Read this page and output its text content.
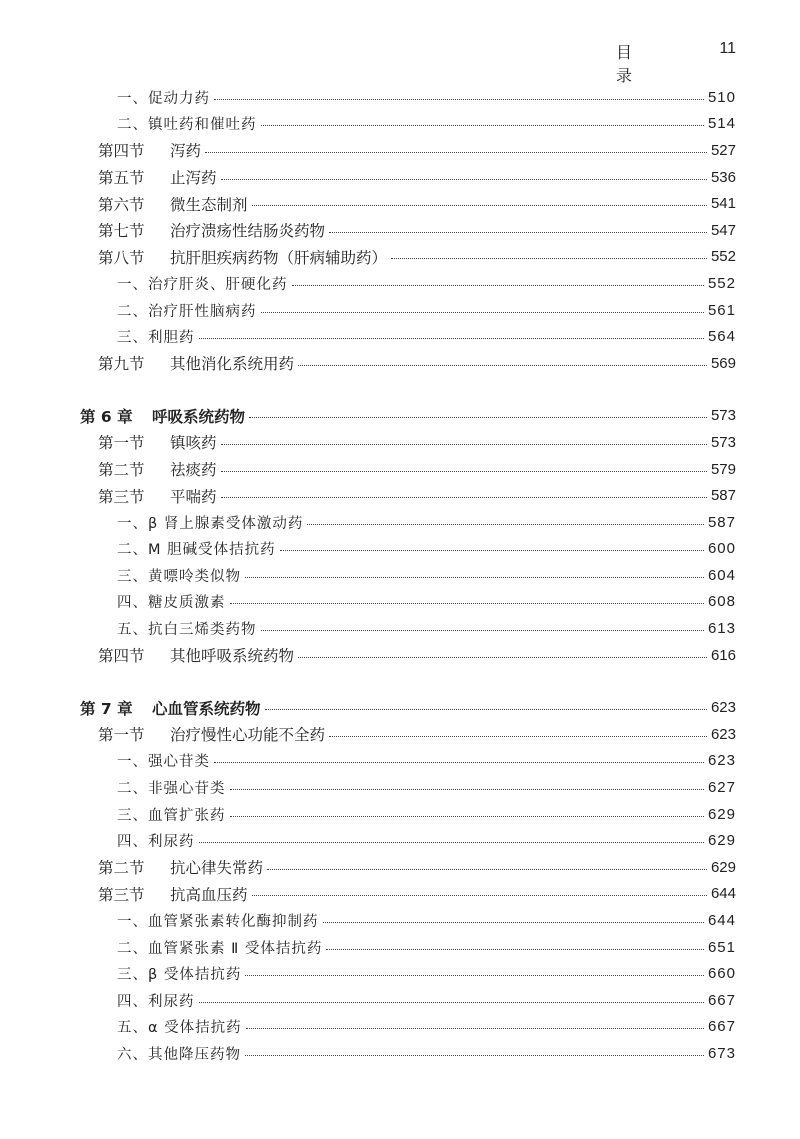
目 录
11
一、 促动力药	510
二、 镇吐药和催吐药	514
第四节	泻药	527
第五节	止泻药	536
第六节	微生态制剂	541
第七节	治疗溃疡性结肠炎药物	547
第八节	抗肝胆疾病药物（肝病辅助药）	552
一、 治疗肝炎、肝硬化药	552
二、 治疗肝性脑病药	561
三、 利胆药	564
第九节	其他消化系统用药	569
第 6 章	呼吸系统药物	573
第一节	镇咳药	573
第二节	祛痰药	579
第三节	平喘药	587
一、 β 肾上腺素受体激动药	587
二、 M 胆碱受体拮抗药	600
三、 黄嘌呤类似物	604
四、 糖皮质激素	608
五、 抗白三烯类药物	613
第四节	其他呼吸系统药物	616
第 7 章	心血管系统药物	623
第一节	治疗慢性心功能不全药	623
一、 强心苷类	623
二、 非强心苷类	627
三、 血管扩张药	629
四、 利尿药	629
第二节	抗心律失常药	629
第三节	抗高血压药	644
一、 血管紧张素转化酶抑制药	644
二、 血管紧张素 Ⅱ 受体拮抗药	651
三、 β 受体拮抗药	660
四、 利尿药	667
五、 α 受体拮抗药	667
六、 其他降压药物	673
